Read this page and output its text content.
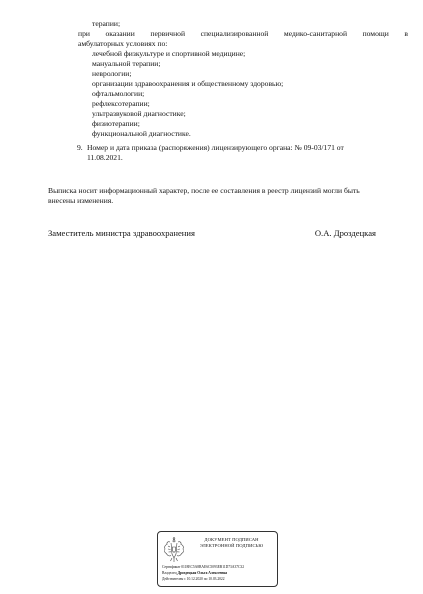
терапии;
при оказании первичной специализированной медико-санитарной помощи в
амбулаторных условиях по:
лечебной физкультуре и спортивной медицине;
мануальной терапии;
неврологии;
организации здравоохранения и общественному здоровью;
офтальмологии;
рефлексотерапии;
ультразвуковой диагностике;
физиотерапии;
функциональной диагностике.
9. Номер и дата приказа (распоряжения) лицензирующего органа: № 09-03/171 от
11.08.2021.
Выписка носит информационный характер, после ее составления в реестр лицензий могли быть
внесены изменения.
Заместитель министра здравоохранения	О.А. Дроздецкая
ДОКУМЕНТ ПОДПИСАН
ЭЛЕКТРОННОЙ ПОДПИСЬЮ
Сертификат 0118EC5A8BAE6C5093EB11D73A37C32
Владелец Дроздецкая Ольга Алексеевна
Действителен с 10.12.2020 по 10.03.2022
